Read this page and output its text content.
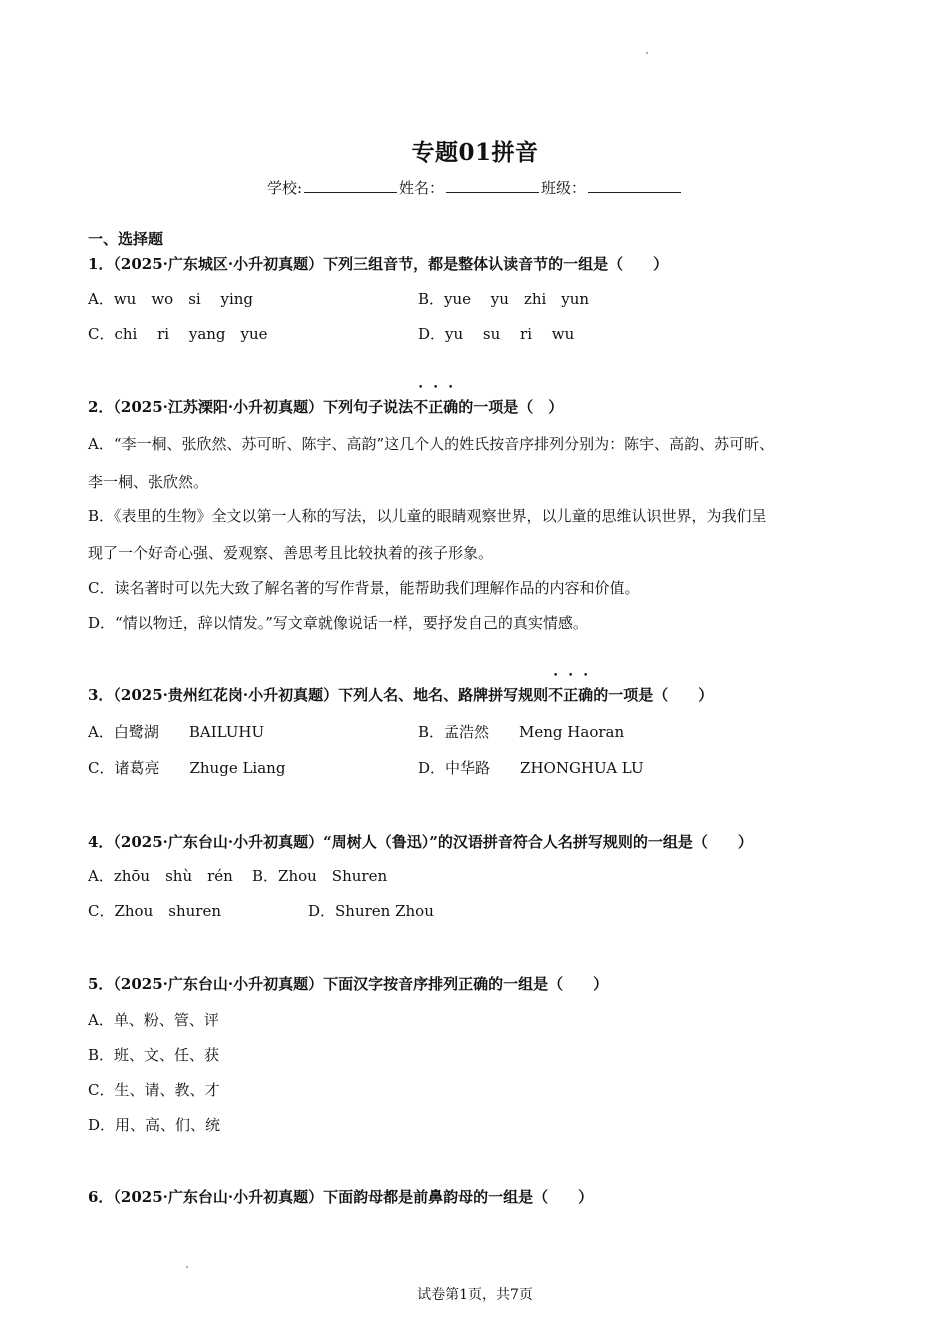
专题01拼音
学校:	姓名：	班级：
一、选择题
1．（2025·广东城区·小升初真题）下列三组音节，都是整体认读音节的一组是（　　）
A．wu　wo　si　 ying	B．yue　 yu　zhi　yun
C．chi　 ri　 yang　yue	D．yu　 su　 ri　 wu
2．（2025·江苏溧阳·小升初真题）下列句子说法不正确的一项是（　）
A．“李一桐、张欣然、苏可昕、陈宇、高韵”这几个人的姓氏按音序排列分别为：陈宇、高韵、苏可昕、
李一桐、张欣然。
B．《表里的生物》全文以第一人称的写法，以儿童的眼睛观察世界，以儿童的思维认识世界，为我们呈
现了一个好奇心强、爱观察、善思考且比较执着的孩子形象。
C．读名著时可以先大致了解名著的写作背景，能帮助我们理解作品的内容和价值。
D．“情以物迁，辞以情发。”写文章就像说话一样，要抒发自己的真实情感。
3．（2025·贵州红花岗·小升初真题）下列人名、地名、路牌拼写规则不正确的一项是（　　）
A．白鹭湖　　BAILUHU	B．孟浩然　　Meng Haoran
C．诸葛亮　　Zhuge Liang	D．中华路　　ZHONGHUA LU
4．（2025·广东台山·小升初真题）“周树人（鲁迅）”的汉语拼音符合人名拼写规则的一组是（　　）
A．zhōu　shù　rén B．Zhou　Shuren
C．Zhou　shuren	D．Shuren Zhou
5．（2025·广东台山·小升初真题）下面汉字按音序排列正确的一组是（　　）
A．单、粉、管、评
B．班、文、任、获
C．生、请、教、才
D．用、高、们、统
6．（2025·广东台山·小升初真题）下面韵母都是前鼻韵母的一组是（　　）
试卷第1页，共7页
